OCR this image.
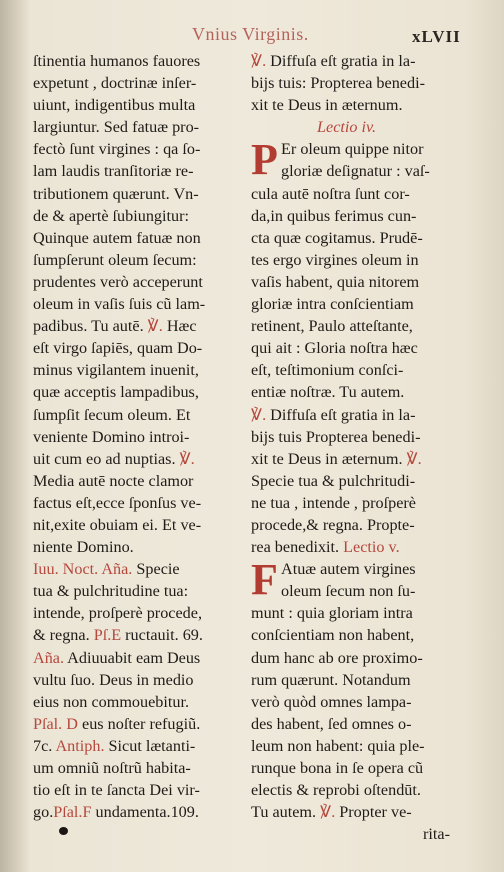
Vnius Virginis.	xLVII
ſtinentia humanos fauores
expetunt , doctrinæ inſer-
uiunt, indigentibus multa
largiuntur. Sed fatuæ pro-
fectò ſunt virgines : qa ſo-
lam laudis tranſitoriæ re-
tributionem quærunt. Vn-
de & apertè ſubiungitur:
Quinque autem fatuæ non
ſumpſerunt oleum ſecum:
prudentes verò acceperunt
oleum in vaſis ſuis cũ lam-
padibus. Tu autē. ℣. Hæc
eſt virgo ſapiēs, quam Do-
minus vigilantem inuenit,
quæ acceptis lampadibus,
ſumpſit ſecum oleum. Et
veniente Domino introi-
uit cum eo ad nuptias. ℣.
Media autē nocte clamor
factus eſt,ecce ſponſus ve-
nit,exite obuiam ei. Et ve-
niente Domino.
Iuu. Noct. Aña. Specie
tua & pulchritudine tua:
intende, proſperè procede,
& regna. Pſ.E ructauit. 69.
Aña. Adiuuabit eam Deus
vultu ſuo. Deus in medio
eius non commouebitur.
Pſal. D eus noſter refugiũ.
7c. Antiph. Sicut lætanti-
um omniũ noſtrũ habita-
tio eſt in te ſancta Dei vir-
go.Pſal.F undamenta.109.
℣. Diffuſa eſt gratia in la-
bijs tuis: Propterea benedi-
xit te Deus in æternum.
Lectio iv.
P Er oleum quippe nitor
gloriæ deſignatur : vaſ-
cula autē noſtra ſunt cor-
da,in quibus ferimus cun-
cta quæ cogitamus. Prudē-
tes ergo virgines oleum in
vaſis habent, quia nitorem
gloriæ intra conſcientiam
retinent, Paulo atteſtante,
qui ait : Gloria noſtra hæc
eſt, teſtimonium conſci-
entiæ noſtræ. Tu autem.
℣. Diffuſa eſt gratia in la-
bijs tuis Propterea benedi-
xit te Deus in æternum. ℣.
Specie tua & pulchritudi-
ne tua , intende , proſperè
procede,& regna. Propte-
rea benedixit. Lectio v.
F Atuæ autem virgines
oleum ſecum non ſu-
munt : quia gloriam intra
conſcientiam non habent,
dum hanc ab ore proximo-
rum quærunt. Notandum
verò quòd omnes lampa-
des habent, ſed omnes o-
leum non habent: quia ple-
runque bona in ſe opera cũ
electis & reprobi oſtendūt.
Tu autem. ℣. Propter ve-
rita-
